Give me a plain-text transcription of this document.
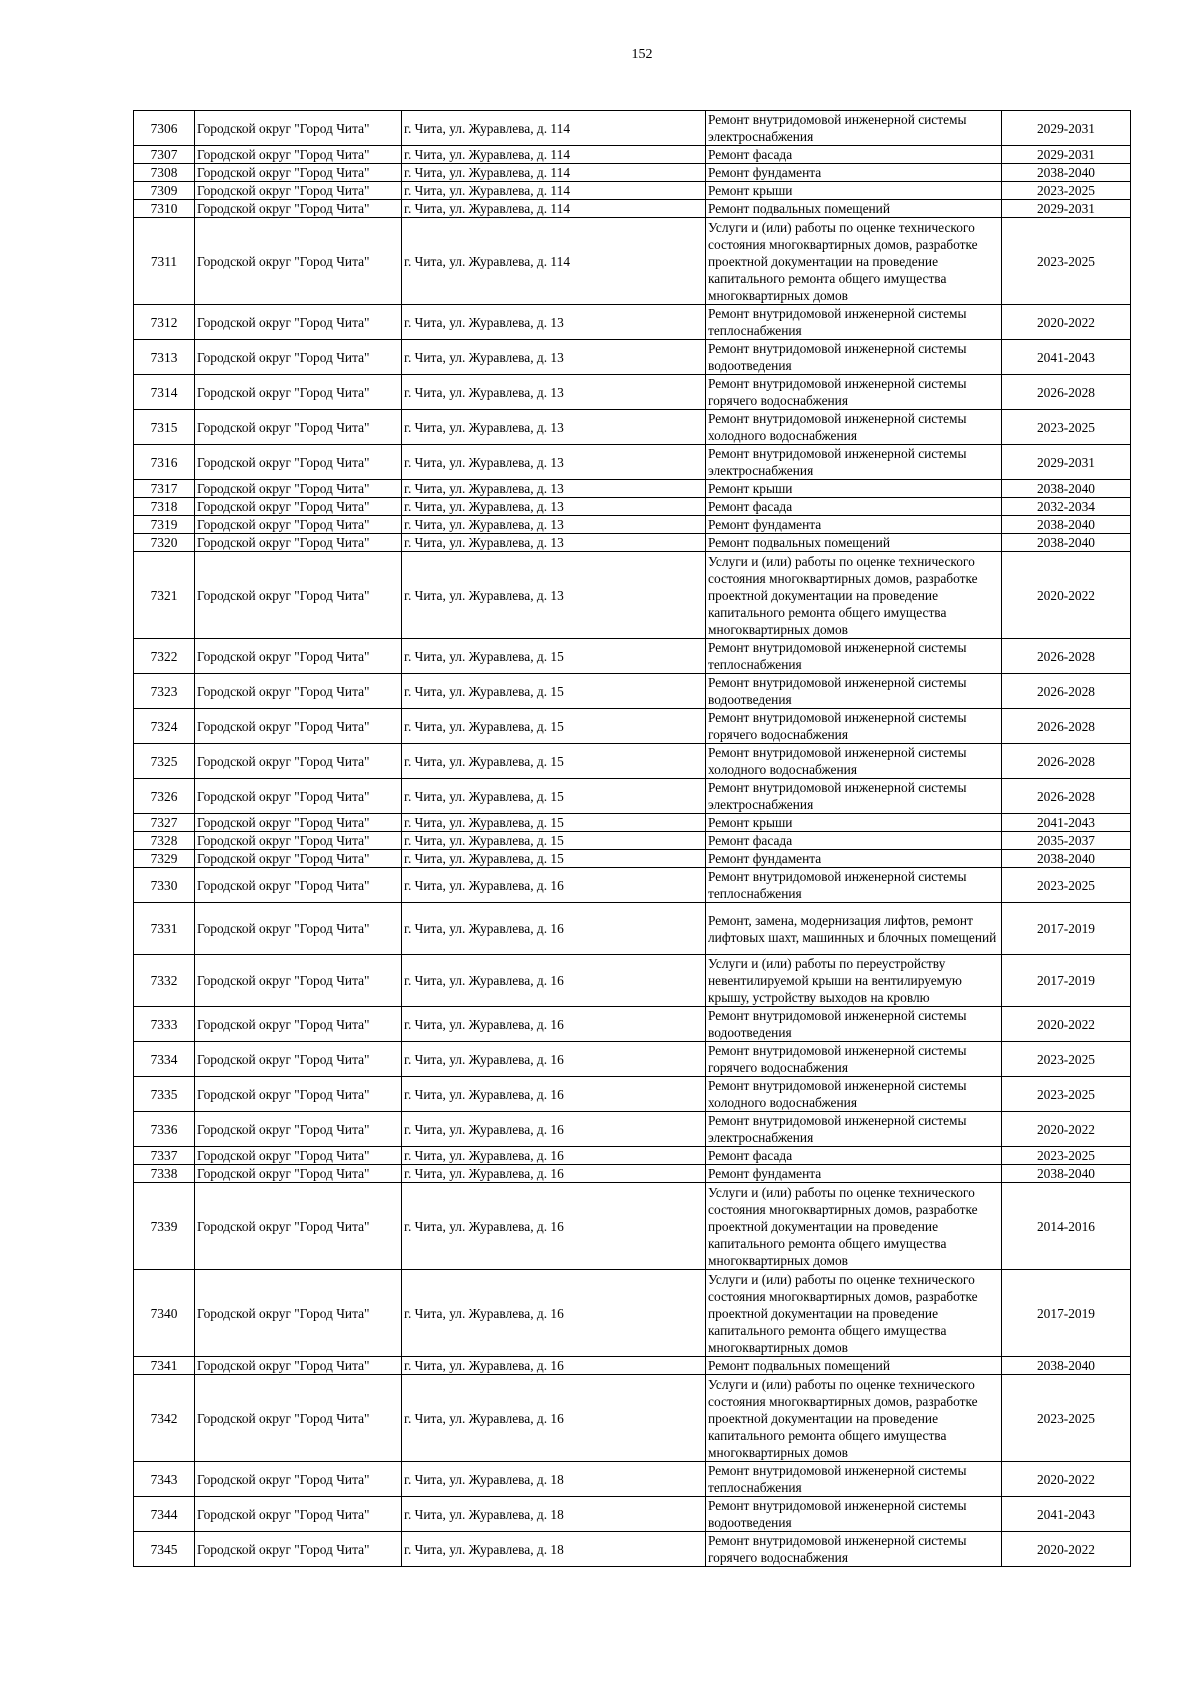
152
7306	Городской округ "Город Чита"	г. Чита, ул. Журавлева, д. 114	Ремонт внутридомовой инженерной системы электроснабжения	2029-2031
7307	Городской округ "Город Чита"	г. Чита, ул. Журавлева, д. 114	Ремонт фасада	2029-2031
7308	Городской округ "Город Чита"	г. Чита, ул. Журавлева, д. 114	Ремонт фундамента	2038-2040
7309	Городской округ "Город Чита"	г. Чита, ул. Журавлева, д. 114	Ремонт крыши	2023-2025
7310	Городской округ "Город Чита"	г. Чита, ул. Журавлева, д. 114	Ремонт подвальных помещений	2029-2031
7311	Городской округ "Город Чита"	г. Чита, ул. Журавлева, д. 114	Услуги и (или) работы по оценке технического состояния многоквартирных домов, разработке проектной документации на проведение капитального ремонта общего имущества многоквартирных домов	2023-2025
7312	Городской округ "Город Чита"	г. Чита, ул. Журавлева, д. 13	Ремонт внутридомовой инженерной системы теплоснабжения	2020-2022
7313	Городской округ "Город Чита"	г. Чита, ул. Журавлева, д. 13	Ремонт внутридомовой инженерной системы водоотведения	2041-2043
7314	Городской округ "Город Чита"	г. Чита, ул. Журавлева, д. 13	Ремонт внутридомовой инженерной системы горячего водоснабжения	2026-2028
7315	Городской округ "Город Чита"	г. Чита, ул. Журавлева, д. 13	Ремонт внутридомовой инженерной системы холодного водоснабжения	2023-2025
7316	Городской округ "Город Чита"	г. Чита, ул. Журавлева, д. 13	Ремонт внутридомовой инженерной системы электроснабжения	2029-2031
7317	Городской округ "Город Чита"	г. Чита, ул. Журавлева, д. 13	Ремонт крыши	2038-2040
7318	Городской округ "Город Чита"	г. Чита, ул. Журавлева, д. 13	Ремонт фасада	2032-2034
7319	Городской округ "Город Чита"	г. Чита, ул. Журавлева, д. 13	Ремонт фундамента	2038-2040
7320	Городской округ "Город Чита"	г. Чита, ул. Журавлева, д. 13	Ремонт подвальных помещений	2038-2040
7321	Городской округ "Город Чита"	г. Чита, ул. Журавлева, д. 13	Услуги и (или) работы по оценке технического состояния многоквартирных домов, разработке проектной документации на проведение капитального ремонта общего имущества многоквартирных домов	2020-2022
7322	Городской округ "Город Чита"	г. Чита, ул. Журавлева, д. 15	Ремонт внутридомовой инженерной системы теплоснабжения	2026-2028
7323	Городской округ "Город Чита"	г. Чита, ул. Журавлева, д. 15	Ремонт внутридомовой инженерной системы водоотведения	2026-2028
7324	Городской округ "Город Чита"	г. Чита, ул. Журавлева, д. 15	Ремонт внутридомовой инженерной системы горячего водоснабжения	2026-2028
7325	Городской округ "Город Чита"	г. Чита, ул. Журавлева, д. 15	Ремонт внутридомовой инженерной системы холодного водоснабжения	2026-2028
7326	Городской округ "Город Чита"	г. Чита, ул. Журавлева, д. 15	Ремонт внутридомовой инженерной системы электроснабжения	2026-2028
7327	Городской округ "Город Чита"	г. Чита, ул. Журавлева, д. 15	Ремонт крыши	2041-2043
7328	Городской округ "Город Чита"	г. Чита, ул. Журавлева, д. 15	Ремонт фасада	2035-2037
7329	Городской округ "Город Чита"	г. Чита, ул. Журавлева, д. 15	Ремонт фундамента	2038-2040
7330	Городской округ "Город Чита"	г. Чита, ул. Журавлева, д. 16	Ремонт внутридомовой инженерной системы теплоснабжения	2023-2025
7331	Городской округ "Город Чита"	г. Чита, ул. Журавлева, д. 16	Ремонт, замена, модернизация лифтов, ремонт лифтовых шахт, машинных и блочных помещений	2017-2019
7332	Городской округ "Город Чита"	г. Чита, ул. Журавлева, д. 16	Услуги и (или) работы по переустройству невентилируемой крыши на вентилируемую крышу, устройству выходов на кровлю	2017-2019
7333	Городской округ "Город Чита"	г. Чита, ул. Журавлева, д. 16	Ремонт внутридомовой инженерной системы водоотведения	2020-2022
7334	Городской округ "Город Чита"	г. Чита, ул. Журавлева, д. 16	Ремонт внутридомовой инженерной системы горячего водоснабжения	2023-2025
7335	Городской округ "Город Чита"	г. Чита, ул. Журавлева, д. 16	Ремонт внутридомовой инженерной системы холодного водоснабжения	2023-2025
7336	Городской округ "Город Чита"	г. Чита, ул. Журавлева, д. 16	Ремонт внутридомовой инженерной системы электроснабжения	2020-2022
7337	Городской округ "Город Чита"	г. Чита, ул. Журавлева, д. 16	Ремонт фасада	2023-2025
7338	Городской округ "Город Чита"	г. Чита, ул. Журавлева, д. 16	Ремонт фундамента	2038-2040
7339	Городской округ "Город Чита"	г. Чита, ул. Журавлева, д. 16	Услуги и (или) работы по оценке технического состояния многоквартирных домов, разработке проектной документации на проведение капитального ремонта общего имущества многоквартирных домов	2014-2016
7340	Городской округ "Город Чита"	г. Чита, ул. Журавлева, д. 16	Услуги и (или) работы по оценке технического состояния многоквартирных домов, разработке проектной документации на проведение капитального ремонта общего имущества многоквартирных домов	2017-2019
7341	Городской округ "Город Чита"	г. Чита, ул. Журавлева, д. 16	Ремонт подвальных помещений	2038-2040
7342	Городской округ "Город Чита"	г. Чита, ул. Журавлева, д. 16	Услуги и (или) работы по оценке технического состояния многоквартирных домов, разработке проектной документации на проведение капитального ремонта общего имущества многоквартирных домов	2023-2025
7343	Городской округ "Город Чита"	г. Чита, ул. Журавлева, д. 18	Ремонт внутридомовой инженерной системы теплоснабжения	2020-2022
7344	Городской округ "Город Чита"	г. Чита, ул. Журавлева, д. 18	Ремонт внутридомовой инженерной системы водоотведения	2041-2043
7345	Городской округ "Город Чита"	г. Чита, ул. Журавлева, д. 18	Ремонт внутридомовой инженерной системы горячего водоснабжения	2020-2022
